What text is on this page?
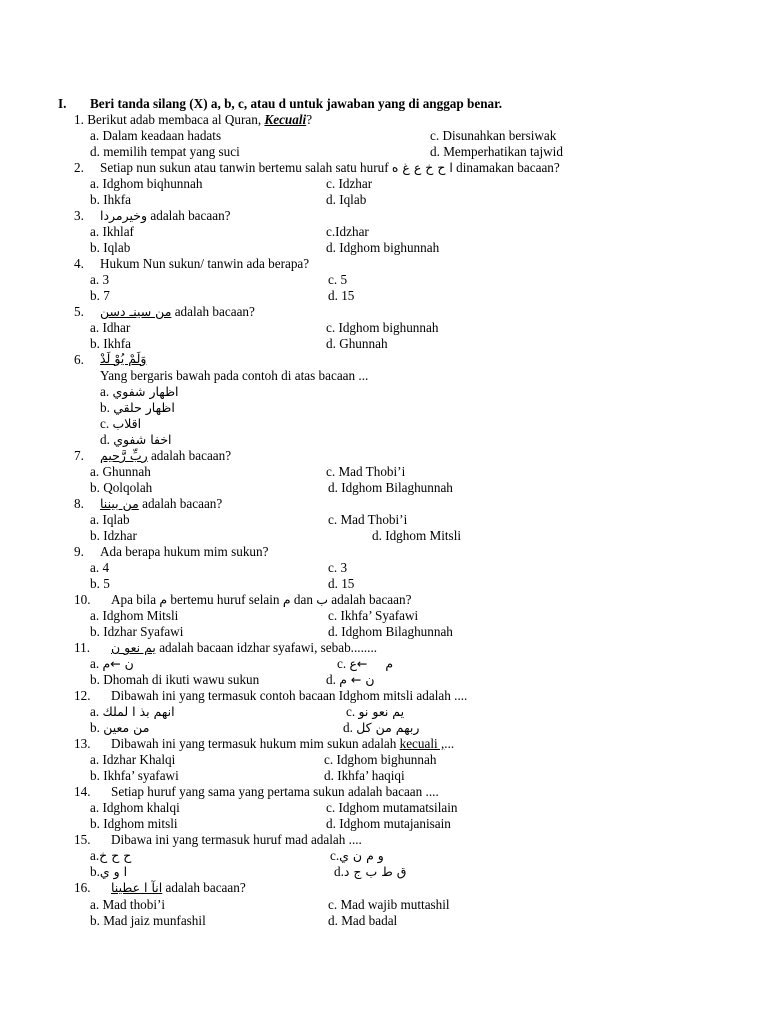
I. Beri tanda silang (X) a, b, c, atau d untuk jawaban yang di anggap benar.
1. Berikut adab membaca al Quran, Kecuali?
a. Dalam keadaan hadats	c. Disunahkan bersiwak
d. memilih tempat yang suci	d. Memperhatikan tajwid
2. Setiap nun sukun atau tanwin bertemu salah satu huruf ا ح خ ع غ ه dinamakan bacaan?
a. Idghom biqhunnah	c. Idzhar
b. Ihkfa	d. Iqlab
3. وخيرمردا adalah bacaan?
a. Ikhlaf	c.Idzhar
b. Iqlab	d. Idghom bighunnah
4. Hukum Nun sukun/ tanwin ada berapa?
a. 3	c. 5
b. 7	d. 15
5. من سينـ دسن adalah bacaan?
a. Idhar	c. Idghom bighunnah
b. Ikhfa	d. Ghunnah
6. وَلَمْ يُوْ لَدْ
Yang bergaris bawah pada contoh di atas bacaan ...
a. اظهار شفوي
b. اظهار حلقي
c. اقلاب
d. اخفا شفوي
7. ربِّ رَّحيم adalah bacaan?
a. Ghunnah	c. Mad Thobi’i
b. Qolqolah	d. Idghom Bilaghunnah
8. من بيننا adalah bacaan?
a. Iqlab	c. Mad Thobi’i
b. Idzhar	d. Idghom Mitsli
9. Ada berapa hukum mim sukun?
a. 4	c. 3
b. 5	d. 15
10. Apa bila م bertemu huruf selain م dan ب adalah bacaan?
a. Idghom Mitsli	c. Ikhfa’ Syafawi
b. Idzhar Syafawi	d. Idghom Bilaghunnah
11. يم نعو ن adalah bacaan idzhar syafawi, sebab........
a. ن ←م	c. م ←ع
b. Dhomah di ikuti wawu sukun	d. ن ← م
12. Dibawah ini yang termasuk contoh bacaan Idghom mitsli adalah ....
a. انهم بذ ا لملك	c. يم نعو نو
b. من معين	d. ربهم من كل
13. Dibawah ini yang termasuk hukum mim sukun adalah kecuali ,...
a. Idzhar Khalqi	c. Idghom bighunnah
b. Ikhfa’ syafawi	d. Ikhfa’ haqiqi
14. Setiap huruf yang sama yang pertama sukun adalah bacaan ....
a. Idghom khalqi	c. Idghom mutamatsilain
b. Idghom mitsli	d. Idghom mutajanisain
15. Dibawa ini yang termasuk huruf mad adalah ....
a.ح ح خ	c.و م ن ي
b.ا و ي	d.ق ط ب ج د
16. انآ ا عطينا adalah bacaan?
a. Mad thobi’i	c. Mad wajib muttashil
b. Mad jaiz munfashil	d. Mad badal
